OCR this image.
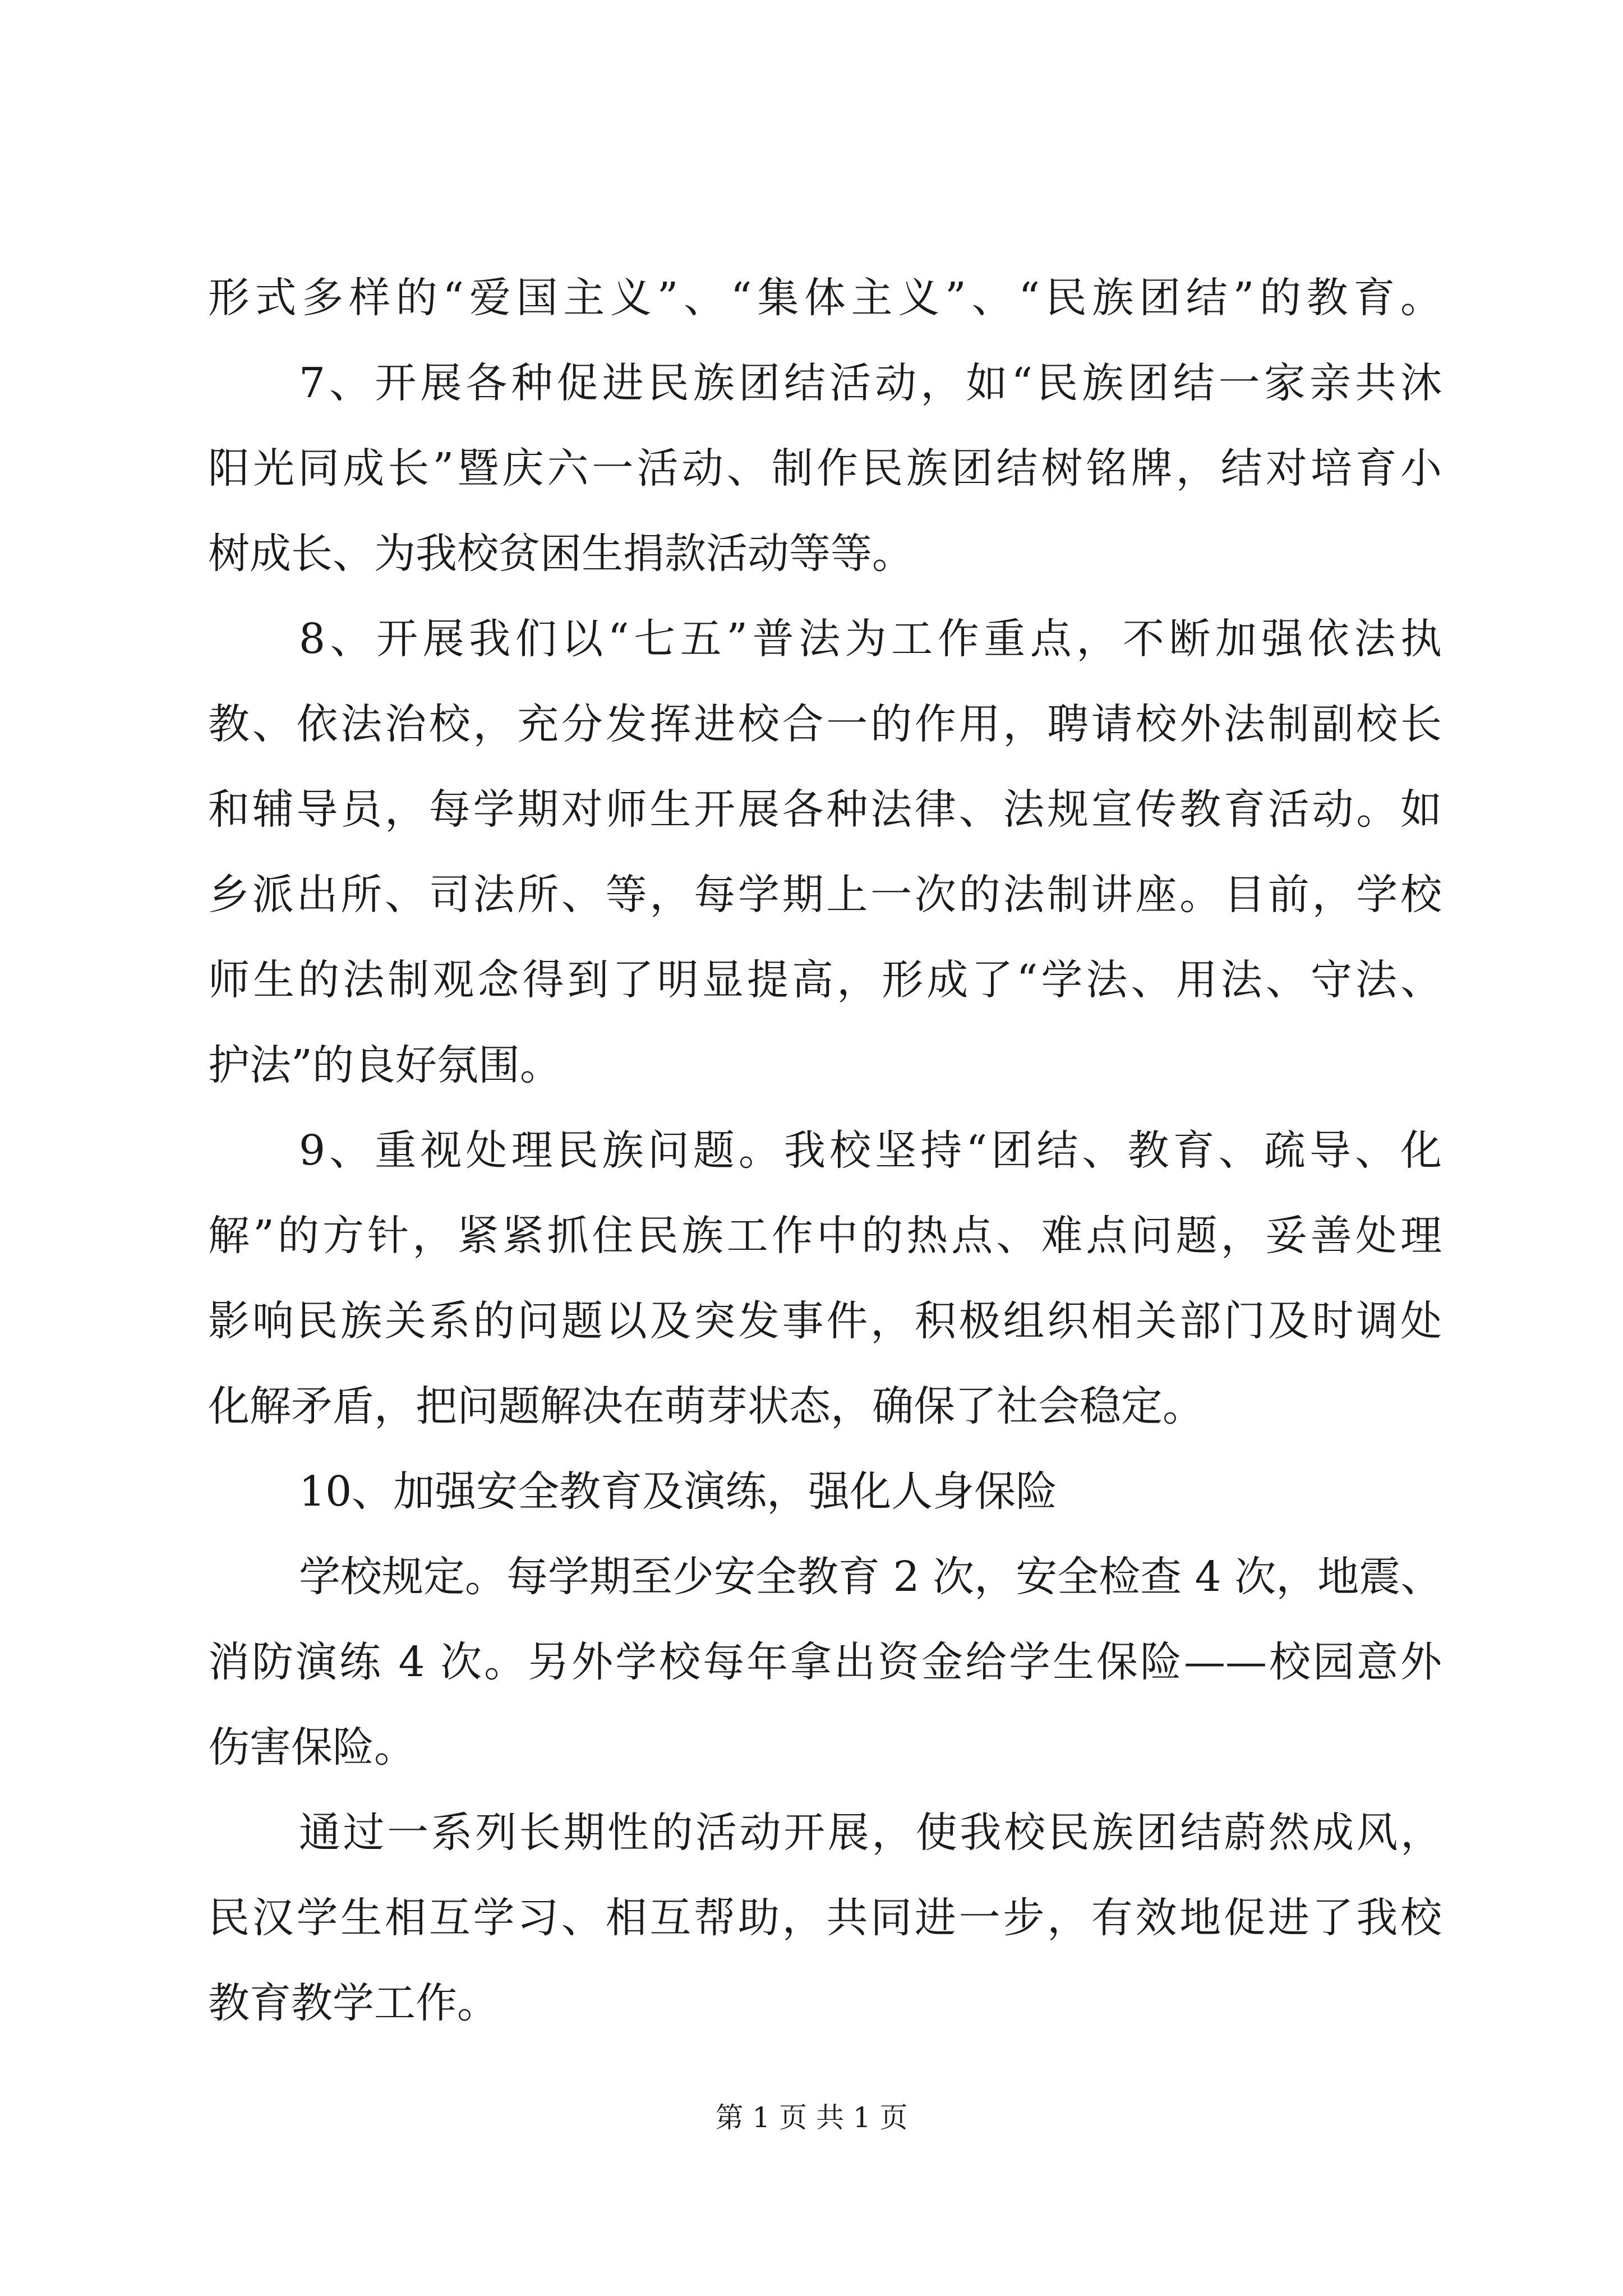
形式多样的“爱国主义”、“集体主义”、“民族团结”的教育。
7、开展各种促进民族团结活动，如“民族团结一家亲共沐
阳光同成长”暨庆六一活动、制作民族团结树铭牌，结对培育小
树成长、为我校贫困生捐款活动等等。
8、开展我们以“七五”普法为工作重点，不断加强依法执
教、依法治校，充分发挥进校合一的作用，聘请校外法制副校长
和辅导员，每学期对师生开展各种法律、法规宣传教育活动。如
乡派出所、司法所、等，每学期上一次的法制讲座。目前，学校
师生的法制观念得到了明显提高，形成了“学法、用法、守法、
护法”的良好氛围。
9、重视处理民族问题。我校坚持“团结、教育、疏导、化
解”的方针，紧紧抓住民族工作中的热点、难点问题，妥善处理
影响民族关系的问题以及突发事件，积极组织相关部门及时调处
化解矛盾，把问题解决在萌芽状态，确保了社会稳定。
10、加强安全教育及演练，强化人身保险
学校规定。每学期至少安全教育 2 次，安全检查 4 次，地震、
消防演练 4 次。另外学校每年拿出资金给学生保险——校园意外
伤害保险。
通过一系列长期性的活动开展，使我校民族团结蔚然成风，
民汉学生相互学习、相互帮助，共同进一步，有效地促进了我校
教育教学工作。
第 1 页 共 1 页
